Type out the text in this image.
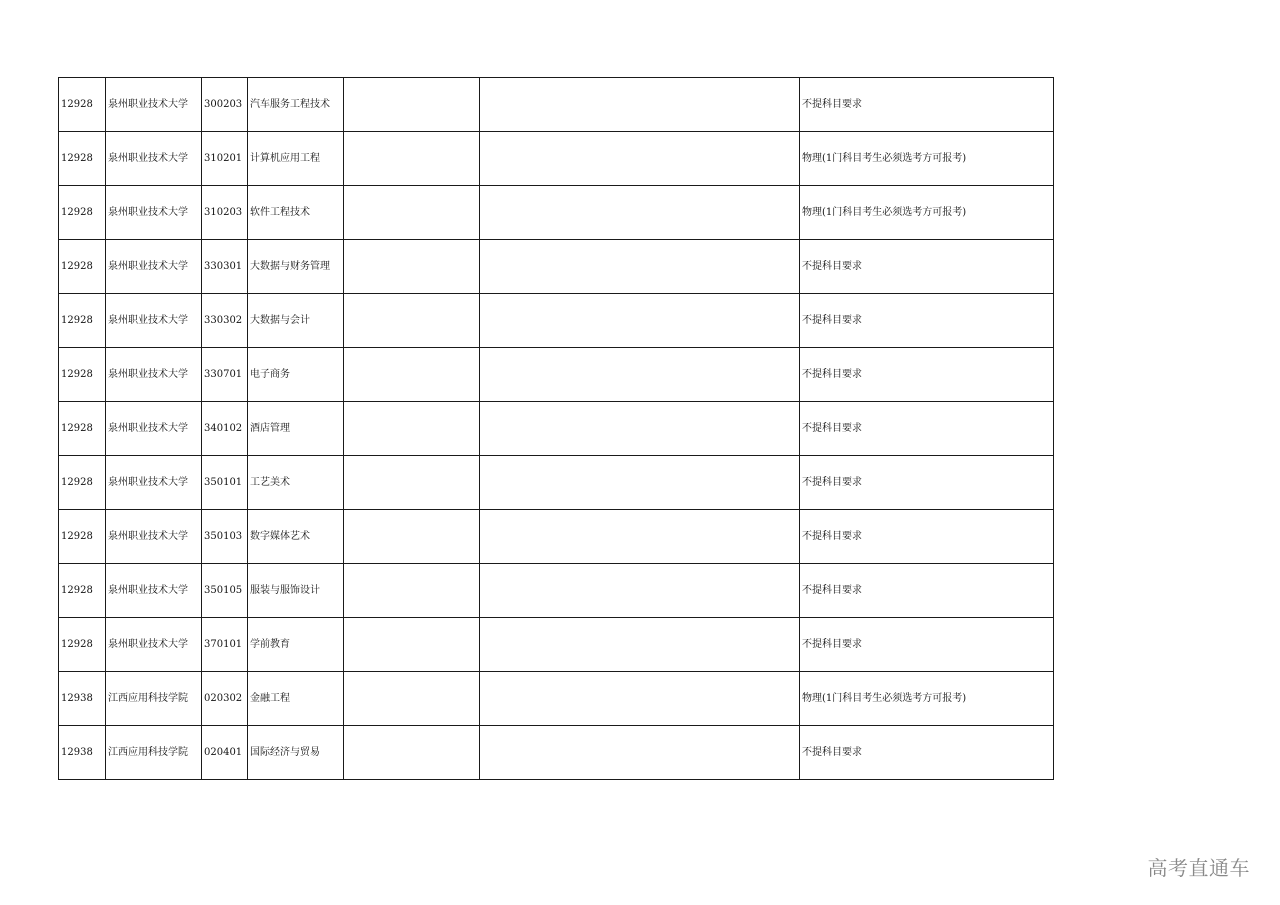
12928	泉州职业技术大学	300203	汽车服务工程技术			不提科目要求
12928	泉州职业技术大学	310201	计算机应用工程			物理(1门科目考生必须选考方可报考)
12928	泉州职业技术大学	310203	软件工程技术			物理(1门科目考生必须选考方可报考)
12928	泉州职业技术大学	330301	大数据与财务管理			不提科目要求
12928	泉州职业技术大学	330302	大数据与会计			不提科目要求
12928	泉州职业技术大学	330701	电子商务			不提科目要求
12928	泉州职业技术大学	340102	酒店管理			不提科目要求
12928	泉州职业技术大学	350101	工艺美术			不提科目要求
12928	泉州职业技术大学	350103	数字媒体艺术			不提科目要求
12928	泉州职业技术大学	350105	服装与服饰设计			不提科目要求
12928	泉州职业技术大学	370101	学前教育			不提科目要求
12938	江西应用科技学院	020302	金融工程			物理(1门科目考生必须选考方可报考)
12938	江西应用科技学院	020401	国际经济与贸易			不提科目要求
高考直通车
